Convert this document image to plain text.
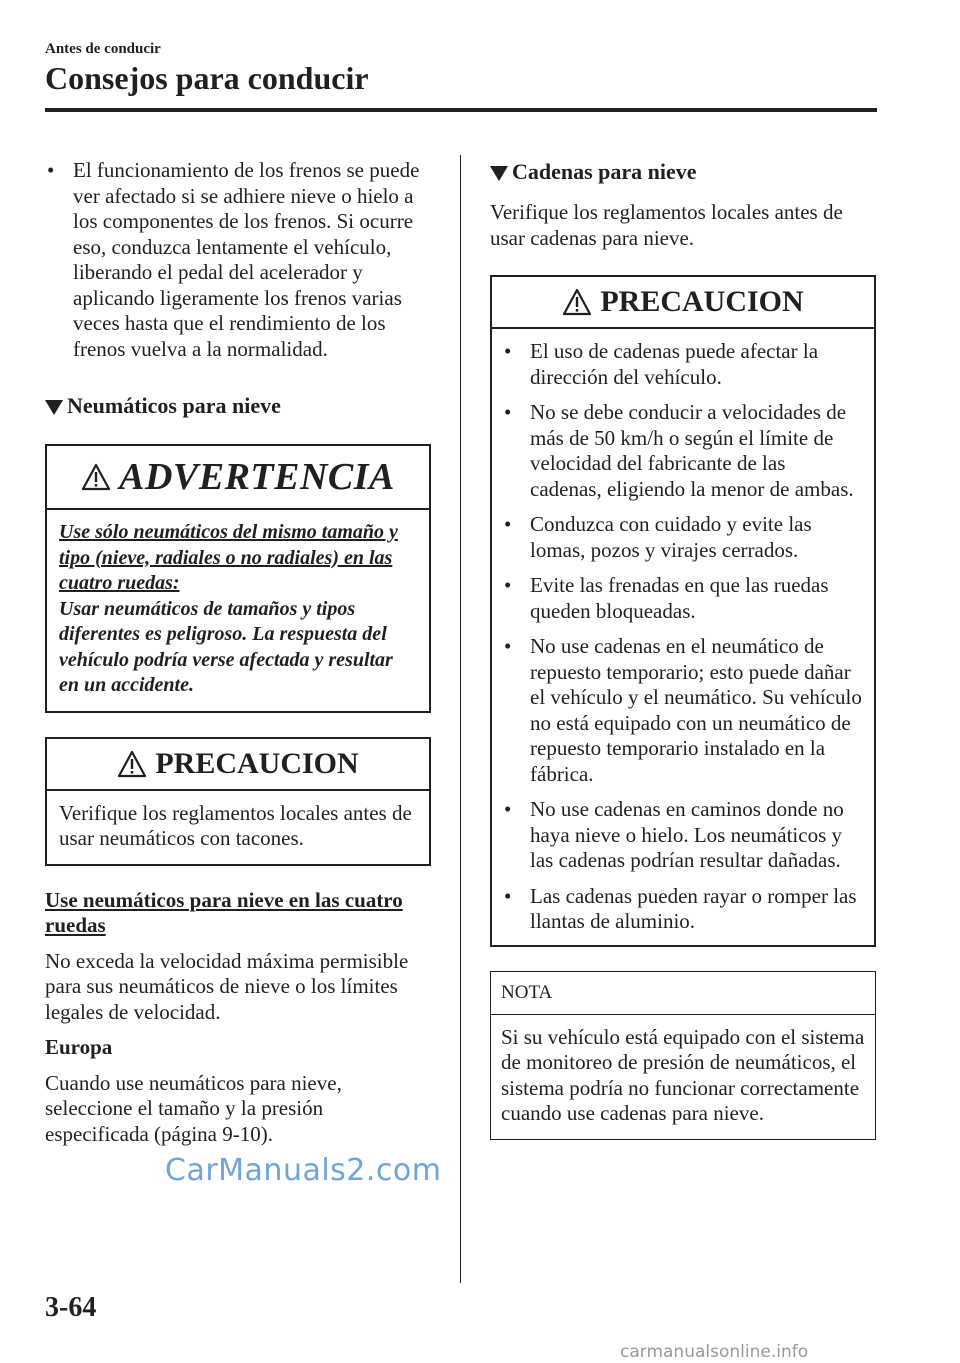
Antes de conducir
Consejos para conducir
• El funcionamiento de los frenos se puede ver afectado si se adhiere nieve o hielo a los componentes de los frenos. Si ocurre eso, conduzca lentamente el vehículo, liberando el pedal del acelerador y aplicando ligeramente los frenos varias veces hasta que el rendimiento de los frenos vuelva a la normalidad.
Neumáticos para nieve
ADVERTENCIA
Use sólo neumáticos del mismo tamaño y tipo (nieve, radiales o no radiales) en las cuatro ruedas:
Usar neumáticos de tamaños y tipos diferentes es peligroso. La respuesta del vehículo podría verse afectada y resultar en un accidente.
PRECAUCION
Verifique los reglamentos locales antes de usar neumáticos con tacones.
Use neumáticos para nieve en las cuatro ruedas
No exceda la velocidad máxima permisible para sus neumáticos de nieve o los límites legales de velocidad.
Europa
Cuando use neumáticos para nieve, seleccione el tamaño y la presión especificada (página 9-10).
Cadenas para nieve
Verifique los reglamentos locales antes de usar cadenas para nieve.
PRECAUCION
• El uso de cadenas puede afectar la dirección del vehículo.
• No se debe conducir a velocidades de más de 50 km/h o según el límite de velocidad del fabricante de las cadenas, eligiendo la menor de ambas.
• Conduzca con cuidado y evite las lomas, pozos y virajes cerrados.
• Evite las frenadas en que las ruedas queden bloqueadas.
• No use cadenas en el neumático de repuesto temporario; esto puede dañar el vehículo y el neumático. Su vehículo no está equipado con un neumático de repuesto temporario instalado en la fábrica.
• No use cadenas en caminos donde no haya nieve o hielo. Los neumáticos y las cadenas podrían resultar dañadas.
• Las cadenas pueden rayar o romper las llantas de aluminio.
NOTA
Si su vehículo está equipado con el sistema de monitoreo de presión de neumáticos, el sistema podría no funcionar correctamente cuando use cadenas para nieve.
3-64
CarManuals2.com
carmanualsonline.info
